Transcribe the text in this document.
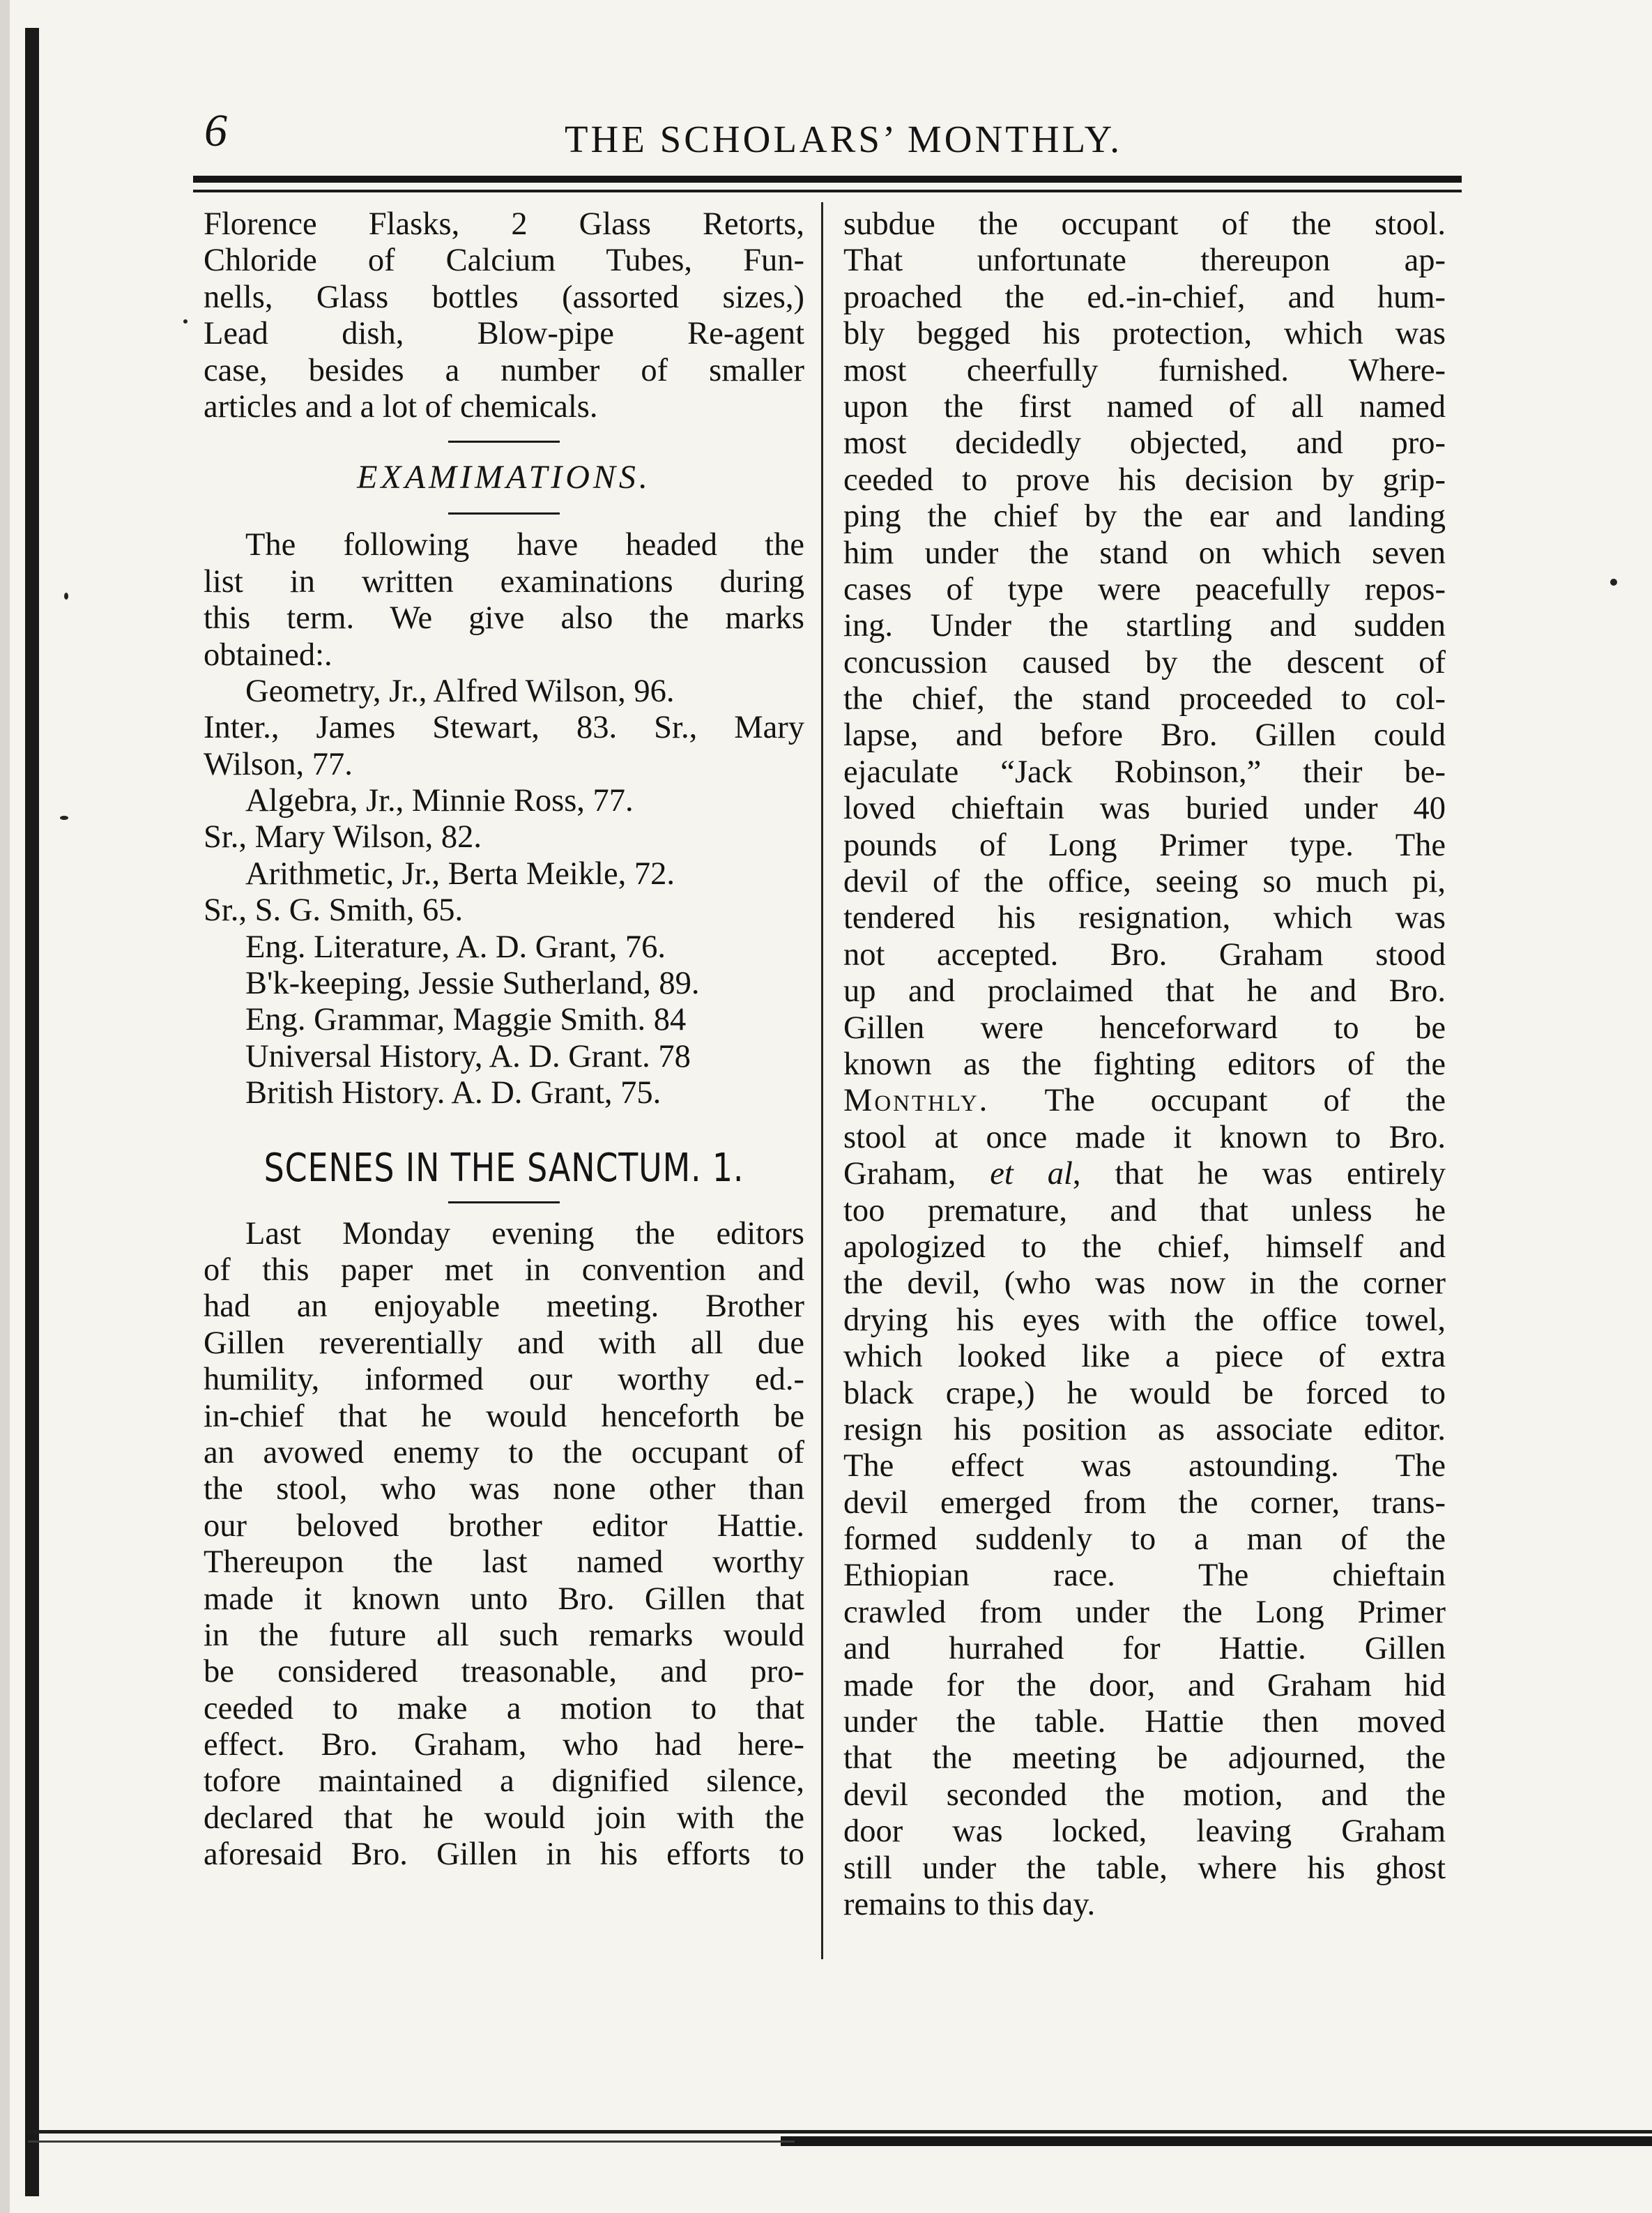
6	THE SCHOLARS’ MONTHLY.
Florence Flasks, 2 Glass Retorts,
Chloride of Calcium Tubes, Fun-
nells, Glass bottles (assorted sizes,)
Lead dish, Blow-pipe Re-agent
case, besides a number of smaller
articles and a lot of chemicals.
EXAMIMATIONS.
The following have headed the
list in written examinations during
this term. We give also the marks
obtained:.
Geometry, Jr., Alfred Wilson, 96.
Inter., James Stewart, 83. Sr., Mary
Wilson, 77.
Algebra, Jr., Minnie Ross, 77.
Sr., Mary Wilson, 82.
Arithmetic, Jr., Berta Meikle, 72.
Sr., S. G. Smith, 65.
Eng. Literature, A. D. Grant, 76.
B'k-keeping, Jessie Sutherland, 89.
Eng. Grammar, Maggie Smith. 84
Universal History, A. D. Grant. 78
British History. A. D. Grant, 75.
SCENES IN THE SANCTUM. 1.
Last Monday evening the editors
of this paper met in convention and
had an enjoyable meeting. Brother
Gillen reverentially and with all due
humility, informed our worthy ed.-
in-chief that he would henceforth be
an avowed enemy to the occupant of
the stool, who was none other than
our beloved brother editor Hattie.
Thereupon the last named worthy
made it known unto Bro. Gillen that
in the future all such remarks would
be considered treasonable, and pro-
ceeded to make a motion to that
effect. Bro. Graham, who had here-
tofore maintained a dignified silence,
declared that he would join with the
aforesaid Bro. Gillen in his efforts to
subdue the occupant of the stool.
That unfortunate thereupon ap-
proached the ed.-in-chief, and hum-
bly begged his protection, which was
most cheerfully furnished. Where-
upon the first named of all named
most decidedly objected, and pro-
ceeded to prove his decision by grip-
ping the chief by the ear and landing
him under the stand on which seven
cases of type were peacefully repos-
ing. Under the startling and sudden
concussion caused by the descent of
the chief, the stand proceeded to col-
lapse, and before Bro. Gillen could
ejaculate “Jack Robinson,” their be-
loved chieftain was buried under 40
pounds of Long Primer type. The
devil of the office, seeing so much pi,
tendered his resignation, which was
not accepted. Bro. Graham stood
up and proclaimed that he and Bro.
Gillen were henceforward to be
known as the fighting editors of the
Monthly. The occupant of the
stool at once made it known to Bro.
Graham, et al, that he was entirely
too premature, and that unless he
apologized to the chief, himself and
the devil, (who was now in the corner
drying his eyes with the office towel,
which looked like a piece of extra
black crape,) he would be forced to
resign his position as associate editor.
The effect was astounding. The
devil emerged from the corner, trans-
formed suddenly to a man of the
Ethiopian race. The chieftain
crawled from under the Long Primer
and hurrahed for Hattie. Gillen
made for the door, and Graham hid
under the table. Hattie then moved
that the meeting be adjourned, the
devil seconded the motion, and the
door was locked, leaving Graham
still under the table, where his ghost
remains to this day.
